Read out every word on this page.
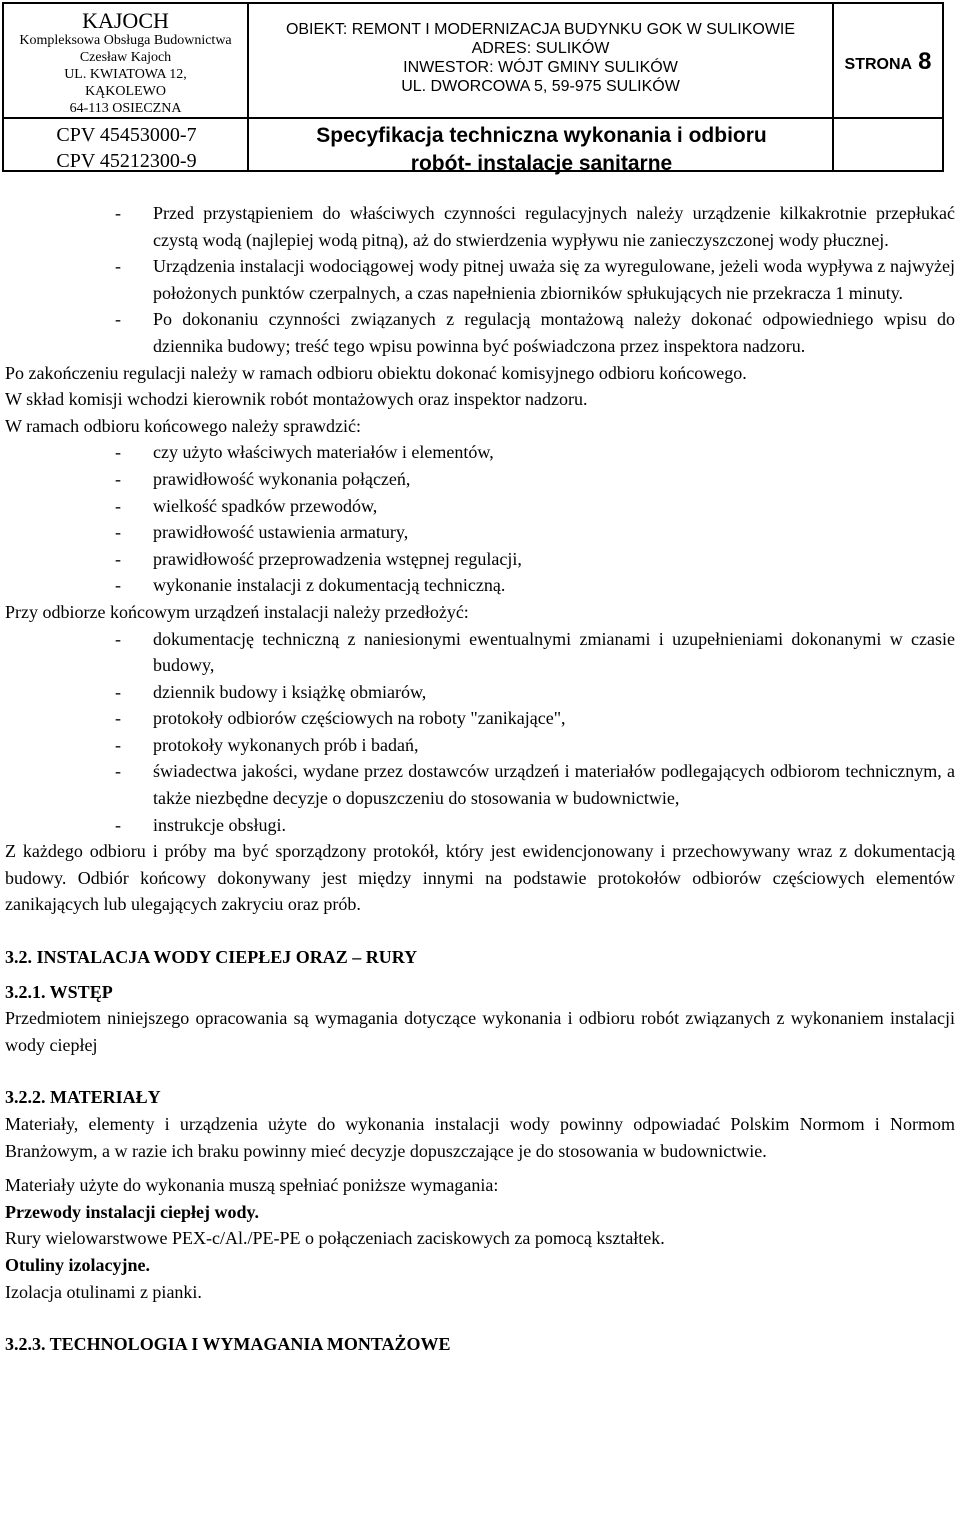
KAJOCH
Kompleksowa Obsługa Budownictwa
Czesław Kajoch
UL. KWIATOWA 12,
KĄKOLEWO
64-113 OSIECZNA
CPV 45453000-7
CPV 45212300-9
OBIEKT: REMONT I MODERNIZACJA BUDYNKU GOK W SULIKOWIE
ADRES: SULIKÓW
INWESTOR: WÓJT GMINY SULIKÓW
UL. DWORCOWA 5, 59-975 SULIKÓW
Specyfikacja techniczna wykonania i odbioru
robót- instalacje sanitarne
STRONA 8
- Przed przystąpieniem do właściwych czynności regulacyjnych należy urządzenie kilkakrotnie przepłukać czystą wodą (najlepiej wodą pitną), aż do stwierdzenia wypływu nie zanieczyszczonej wody płucznej.
- Urządzenia instalacji wodociągowej wody pitnej uważa się za wyregulowane, jeżeli woda wypływa z najwyżej położonych punktów czerpalnych, a czas napełnienia zbiorników spłukujących nie przekracza 1 minuty.
- Po dokonaniu czynności związanych z regulacją montażową należy dokonać odpowiedniego wpisu do dziennika budowy; treść tego wpisu powinna być poświadczona przez inspektora nadzoru.

Po zakończeniu regulacji należy w ramach odbioru obiektu dokonać komisyjnego odbioru końcowego.

W skład komisji wchodzi kierownik robót montażowych oraz inspektor nadzoru.

W ramach odbioru końcowego należy sprawdzić:

- czy użyto właściwych materiałów i elementów,
- prawidłowość wykonania połączeń,
- wielkość spadków przewodów,
- prawidłowość ustawienia armatury,
- prawidłowość przeprowadzenia wstępnej regulacji,
- wykonanie instalacji z dokumentacją techniczną.

Przy odbiorze końcowym urządzeń instalacji należy przedłożyć:

- dokumentację techniczną z naniesionymi ewentualnymi zmianami i uzupełnieniami dokonanymi w czasie budowy,
- dziennik budowy i książkę obmiarów,
- protokoły odbiorów częściowych na roboty "zanikające",
- protokoły wykonanych prób i badań,
- świadectwa jakości, wydane przez dostawców urządzeń i materiałów podlegających odbiorom technicznym, a także niezbędne decyzje o dopuszczeniu do stosowania w budownictwie,
- instrukcje obsługi.

Z każdego odbioru i próby ma być sporządzony protokół, który jest ewidencjonowany i przechowywany wraz z dokumentacją budowy. Odbiór końcowy dokonywany jest między innymi na podstawie protokołów odbiorów częściowych elementów zanikających lub ulegających zakryciu oraz prób.

3.2. INSTALACJA WODY CIEPŁEJ ORAZ – RURY

3.2.1. WSTĘP

Przedmiotem niniejszego opracowania są wymagania dotyczące wykonania i odbioru robót związanych z wykonaniem instalacji wody ciepłej

3.2.2. MATERIAŁY

Materiały, elementy i urządzenia użyte do wykonania instalacji wody powinny odpowiadać Polskim Normom i Normom Branżowym, a w razie ich braku powinny mieć decyzje dopuszczające je do stosowania w budownictwie.

Materiały użyte do wykonania muszą spełniać poniższe wymagania:

Przewody instalacji ciepłej wody.

Rury wielowarstwowe PEX-c/Al./PE-PE o połączeniach zaciskowych za pomocą kształtek.

Otuliny izolacyjne.

Izolacja otulinami z pianki.

3.2.3. TECHNOLOGIA I WYMAGANIA MONTAŻOWE
